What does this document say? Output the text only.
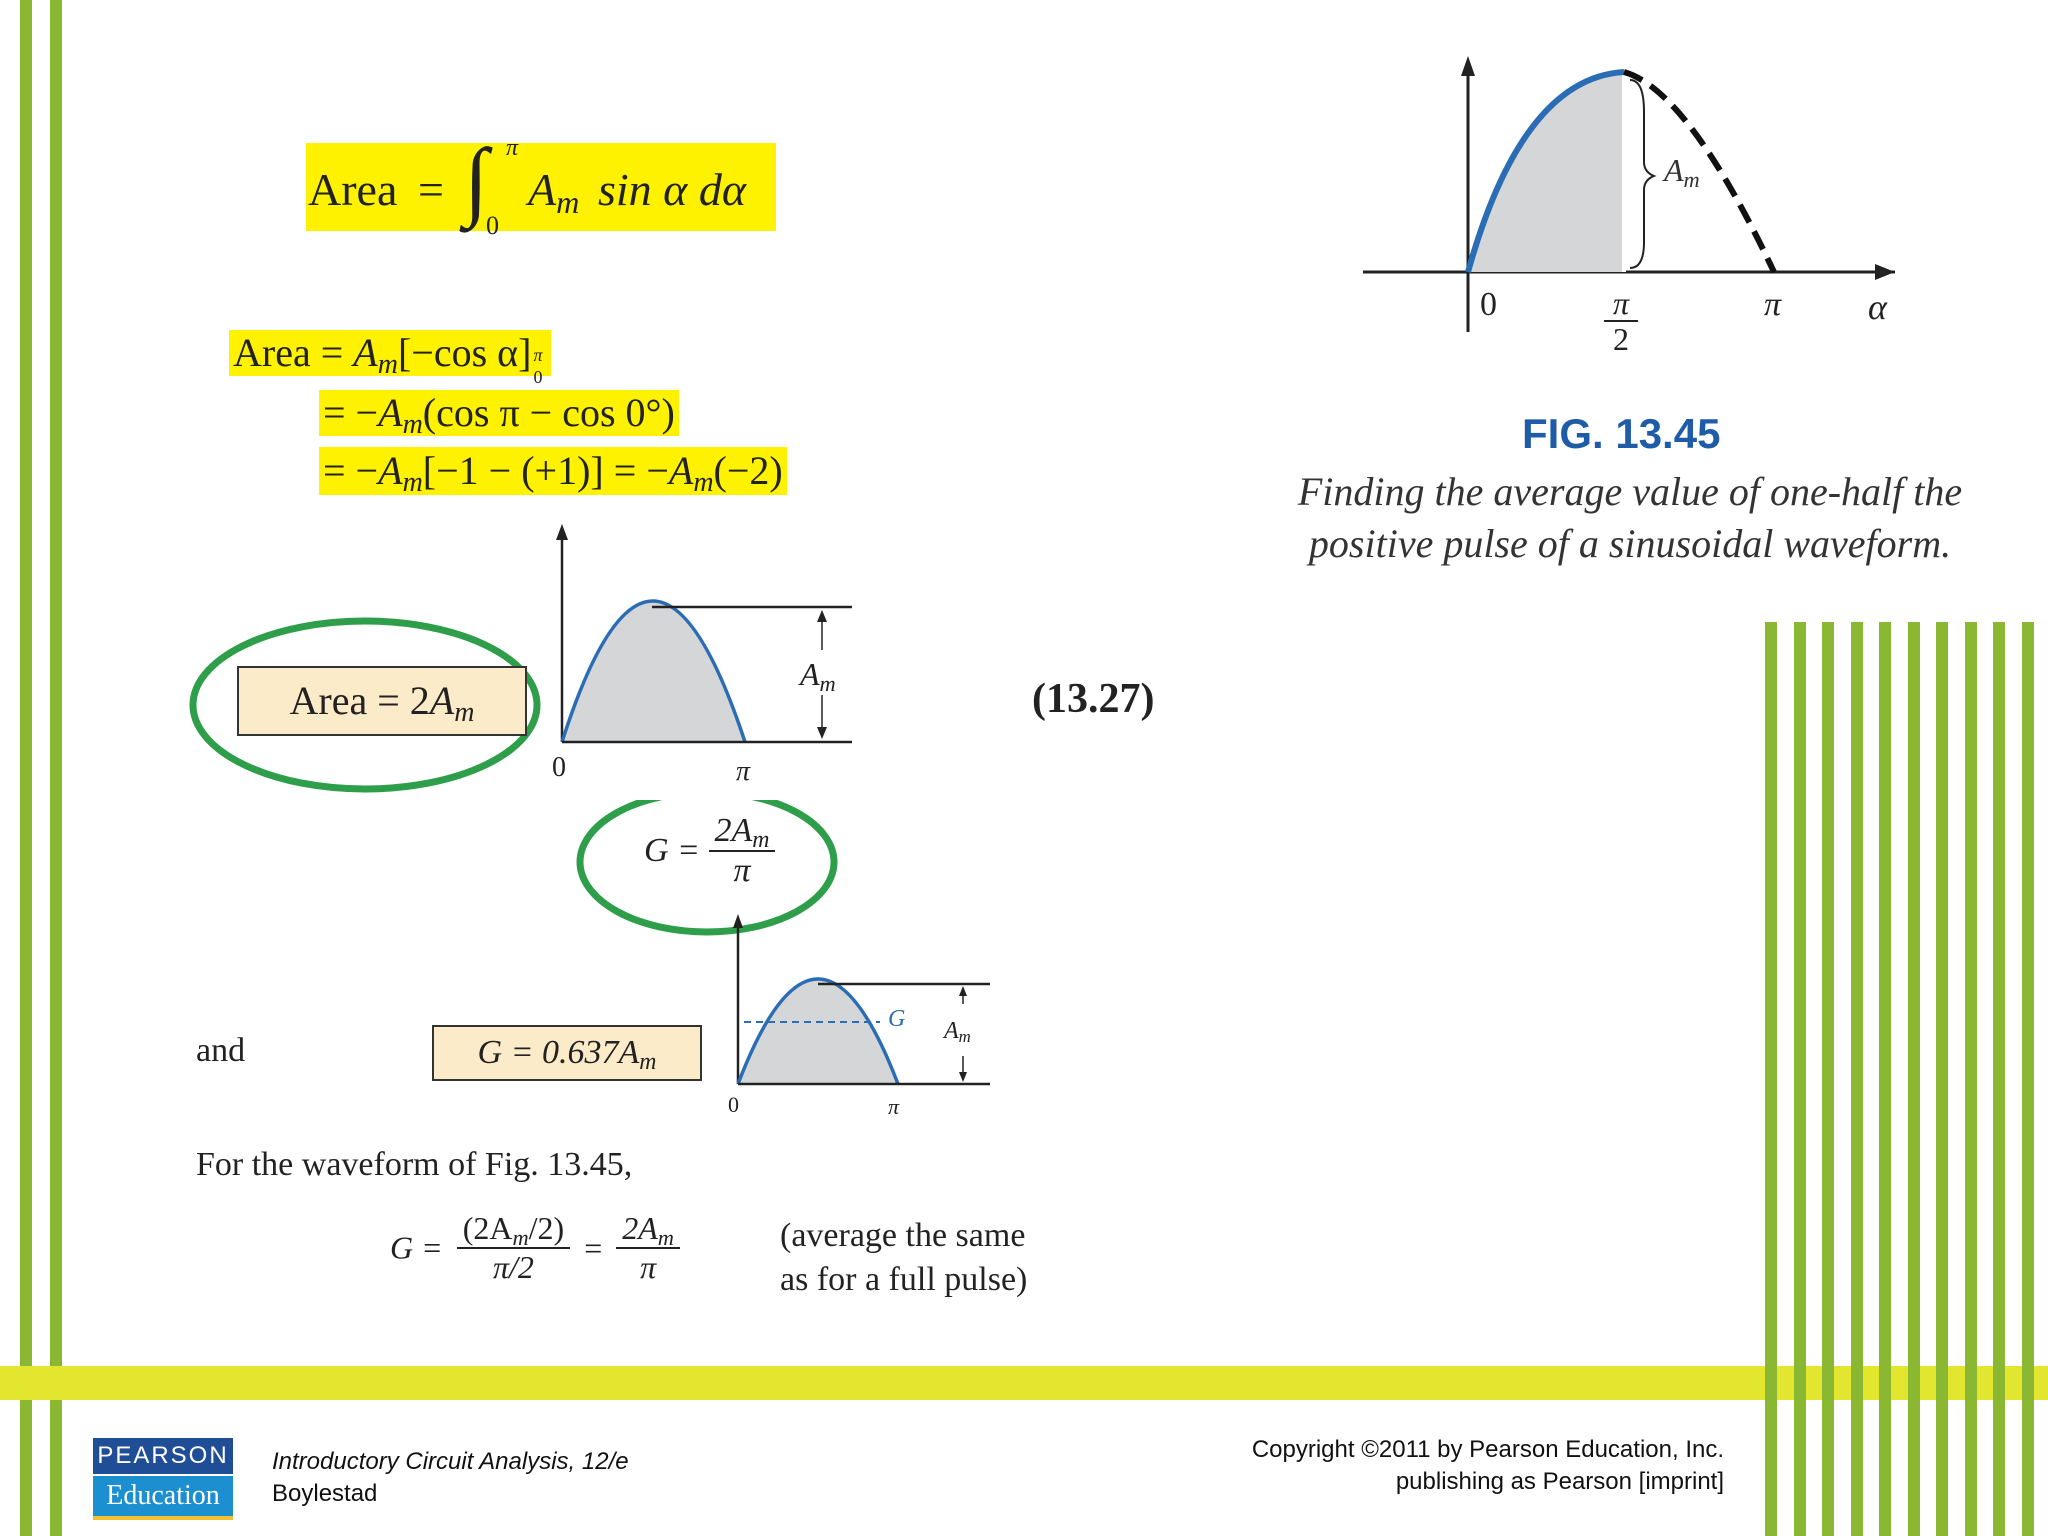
Area = ∫ π
0
Am sin α dα
Area = Am[−cos α] π
0
= −Am(cos π − cos 0°)
= −Am[−1 − (+1)] = −Am(−2)
Area = 2Am
0	π
Am	(13.27)
$G = \frac{2Am}{\pi}$
and	G = 0.637Am
G Am
0	π
For the waveform of Fig. 13.45,
$G = \frac{(2Am/2)}{\pi/2} = \frac{2Am}{\pi}$	(average the same
as for a full pulse)
Am
0	π
2
π α
FIG. 13.45
Finding the average value of one-half the
positive pulse of a sinusoidal waveform.
PEARSON
Education
Introductory Circuit Analysis, 12/e
Boylestad
Copyright ©2011 by Pearson Education, Inc.
publishing as Pearson [imprint]
